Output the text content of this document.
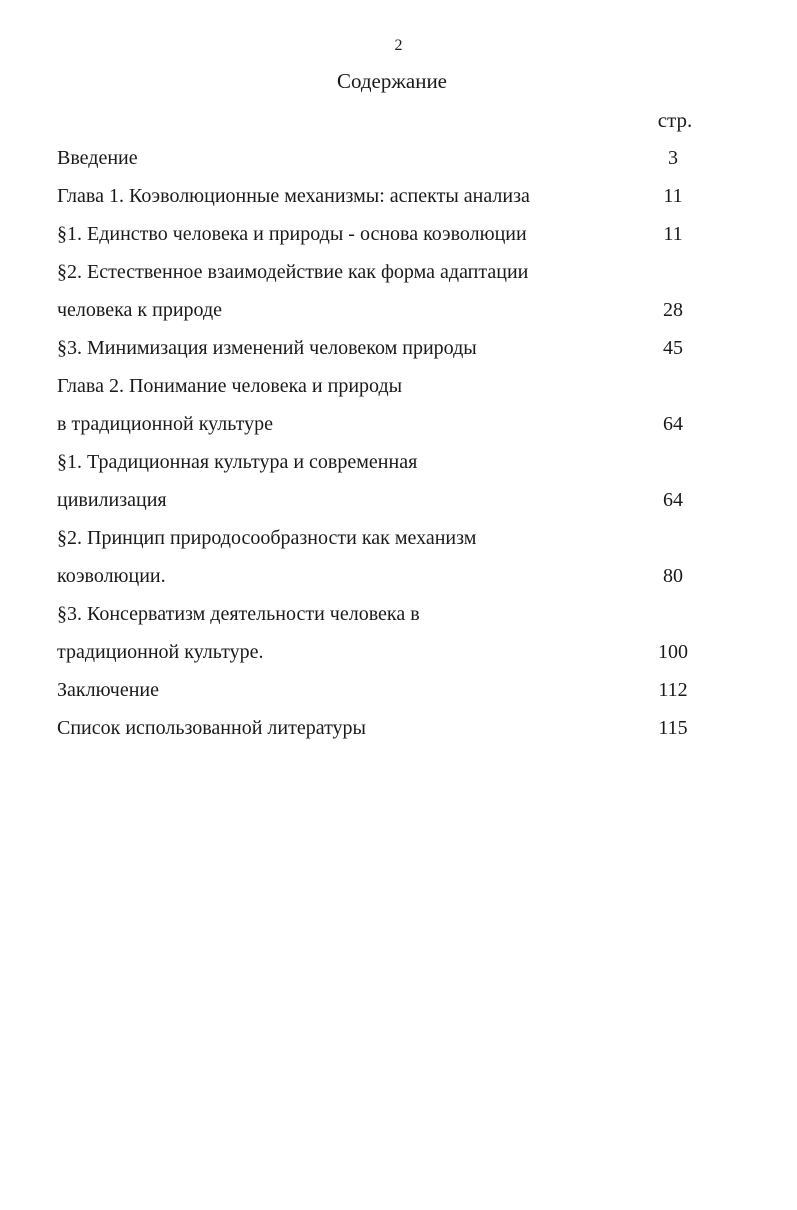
2
Содержание
стр.
Введение	3
Глава 1. Коэволюционные механизмы: аспекты анализа	11
§1. Единство человека и природы - основа коэволюции	11
§2. Естественное взаимодействие как форма адаптации
человека к природе	28
§3. Минимизация изменений человеком природы	45
Глава 2. Понимание человека и природы
в традиционной культуре	64
§1. Традиционная культура и современная
цивилизация	64
§2. Принцип природосообразности как механизм
коэволюции.	80
§3. Консерватизм деятельности человека в
традиционной культуре.	100
Заключение	112
Список использованной литературы	115
